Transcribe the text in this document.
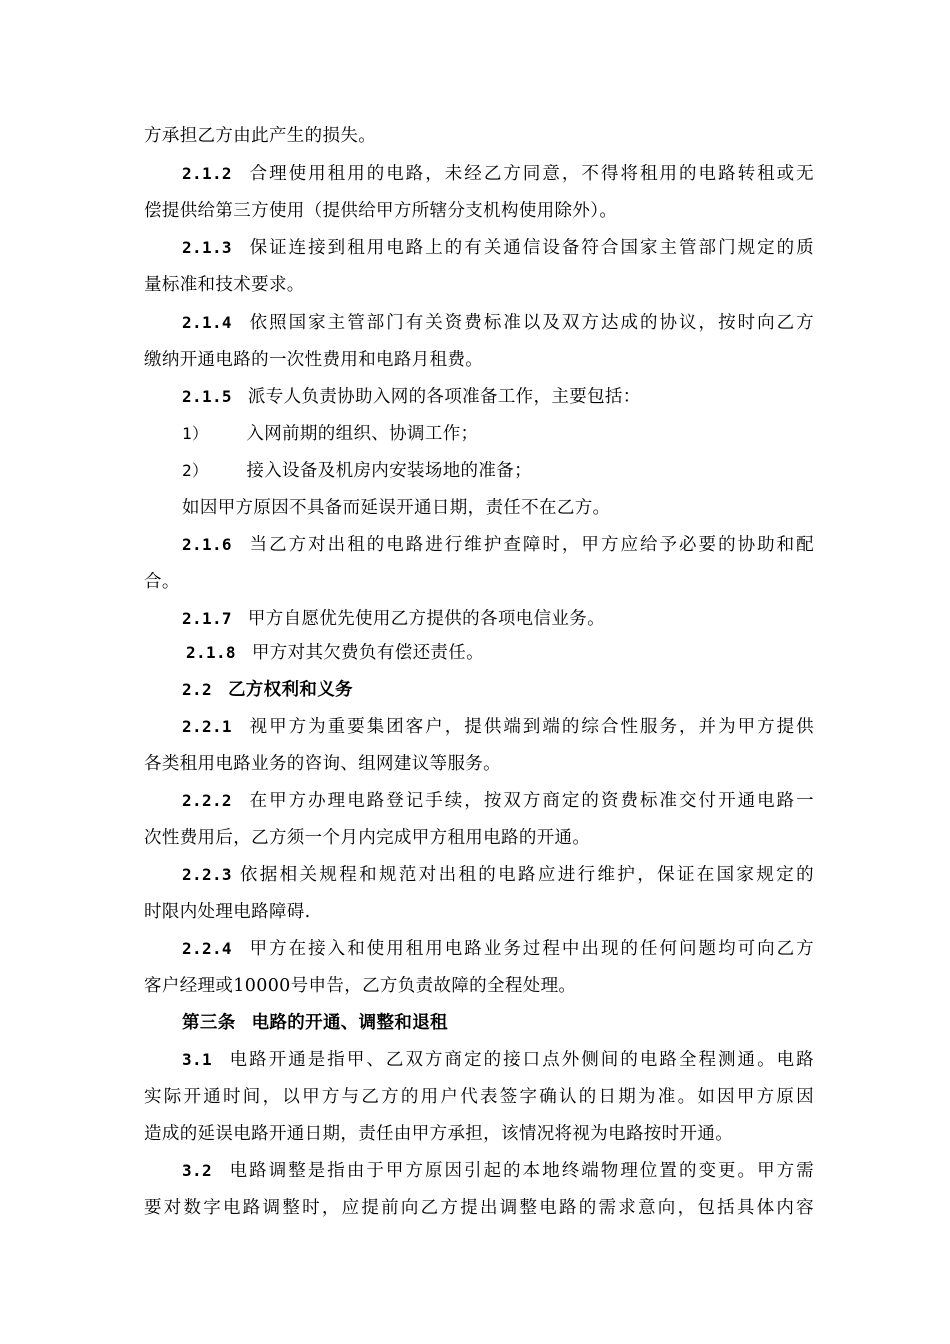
方承担乙方由此产生的损失。
2.1.2 合理使用租用的电路，未经乙方同意，不得将租用的电路转租或无
偿提供给第三方使用（提供给甲方所辖分支机构使用除外）。
2.1.3 保证连接到租用电路上的有关通信设备符合国家主管部门规定的质
量标准和技术要求。
2.1.4 依照国家主管部门有关资费标准以及双方达成的协议，按时向乙方
缴纳开通电路的一次性费用和电路月租费。
2.1.5 派专人负责协助入网的各项准备工作，主要包括：
1） 入网前期的组织、协调工作；
2） 接入设备及机房内安装场地的准备；
如因甲方原因不具备而延误开通日期，责任不在乙方。
2.1.6 当乙方对出租的电路进行维护查障时，甲方应给予必要的协助和配
合。
2.1.7 甲方自愿优先使用乙方提供的各项电信业务。
2.1.8 甲方对其欠费负有偿还责任。
2.2 乙方权利和义务
2.2.1 视甲方为重要集团客户，提供端到端的综合性服务，并为甲方提供
各类租用电路业务的咨询、组网建议等服务。
2.2.2 在甲方办理电路登记手续，按双方商定的资费标准交付开通电路一
次性费用后，乙方须一个月内完成甲方租用电路的开通。
2.2.3 依据相关规程和规范对出租的电路应进行维护，保证在国家规定的
时限内处理电路障碍.
2.2.4 甲方在接入和使用租用电路业务过程中出现的任何问题均可向乙方
客户经理或10000号申告，乙方负责故障的全程处理。
第三条 电路的开通、调整和退租
3.1 电路开通是指甲、乙双方商定的接口点外侧间的电路全程测通。电路
实际开通时间，以甲方与乙方的用户代表签字确认的日期为准。如因甲方原因
造成的延误电路开通日期，责任由甲方承担，该情况将视为电路按时开通。
3.2 电路调整是指由于甲方原因引起的本地终端物理位置的变更。甲方需
要对数字电路调整时，应提前向乙方提出调整电路的需求意向，包括具体内容
